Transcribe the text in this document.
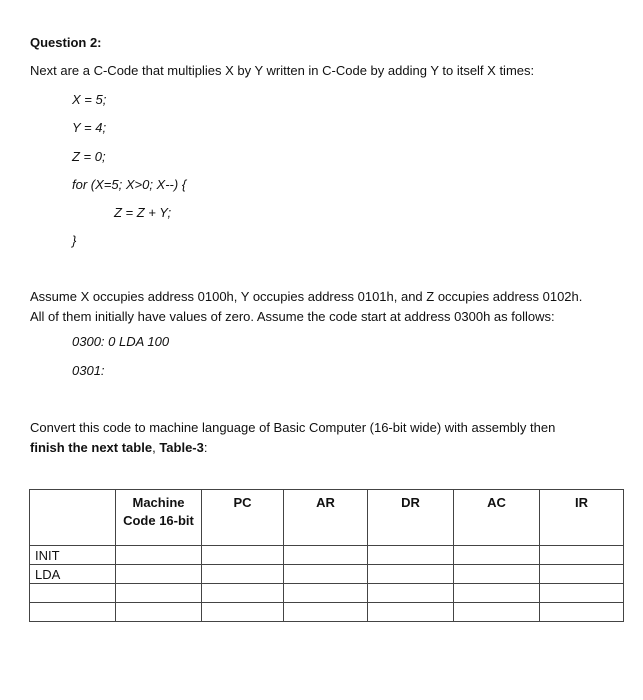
Question 2:
Next are a C-Code that multiplies X by Y written in C-Code by adding Y to itself X times:
X = 5;
Y = 4;
Z = 0;
for (X=5; X>0; X--) {
Z = Z + Y;
}
Assume X occupies address 0100h, Y occupies address 0101h, and Z occupies address 0102h. All of them initially have values of zero. Assume the code start at address 0300h as follows:
0300: 0 LDA 100
0301:
Convert this code to machine language of Basic Computer (16-bit wide) with assembly then
finish the next table, Table-3:
	Machine Code 16-bit	PC	AR	DR	AC	IR
INIT						
LDA						
